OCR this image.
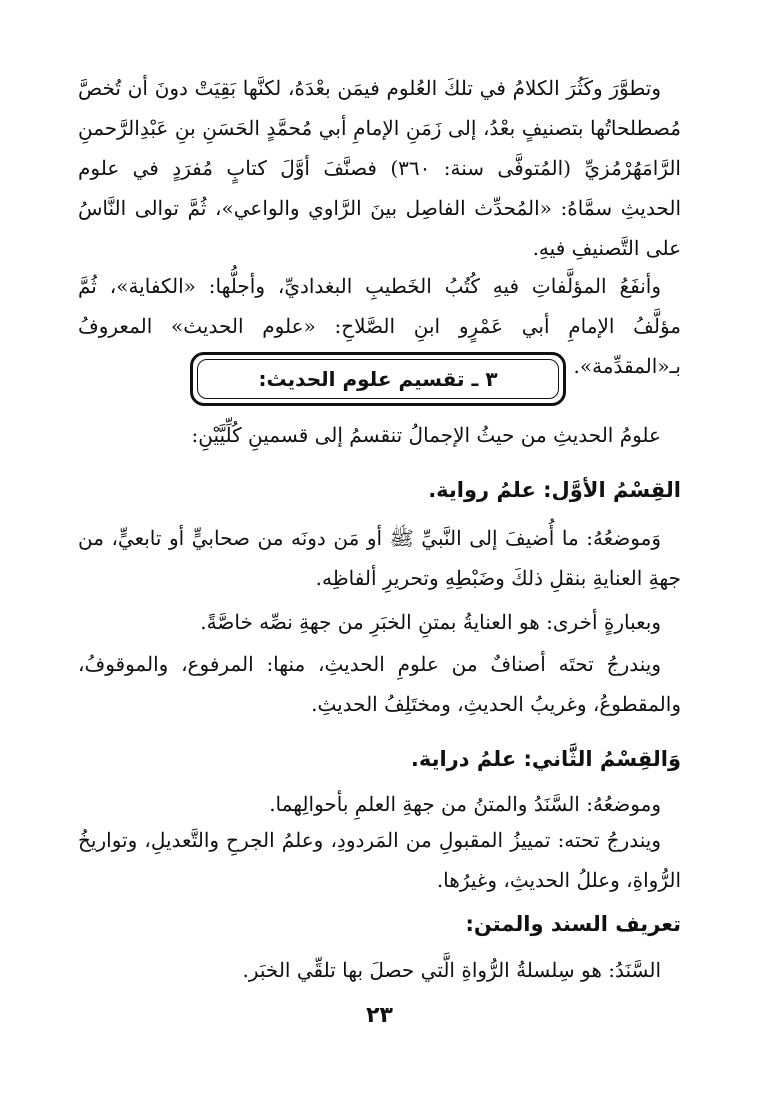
وتطوَّرَ وكَثُرَ الكلامُ في تلكَ العُلوم فيمَن بعْدَهُ، لكنَّها بَقِيَتْ دونَ أن تُخصَّ مُصطلحاتُها بتصنيفٍ بعْدُ، إلى زَمَنِ الإمامِ أبي مُحمَّدٍ الحَسَنِ بنِ عَبْدِالرَّحمنِ الرَّامَهُرْمُزيِّ (المُتوفَّى سنة: ٣٦٠) فصنَّفَ أوَّلَ كتابٍ مُفرَدٍ في علوم الحديثِ سمَّاهُ: «المُحدِّث الفاصِل بينَ الرَّاوي والواعي»، ثُمَّ توالى النَّاسُ على التَّصنيفِ فيهِ.

وأنفَعُ المؤلَّفاتِ فيهِ كُتُبُ الخَطيبِ البغداديِّ، وأجلُّها: «الكفاية»، ثُمَّ مؤلَّفُ الإمامِ أبي عَمْرٍو ابنِ الصَّلاحِ: «علوم الحديث» المعروفُ بـ«المقدِّمة».

٣ ـ تقسيم علوم الحديث:

علومُ الحديثِ من حيثُ الإجمالُ تنقسمُ إلى قسمينِ كُلِّيَّيْنِ:

القِسْمُ الأوَّل: علمُ رواية.

وَموضعُهُ: ما أُضيفَ إلى النَّبيِّ ﷺ أو مَن دونَه من صحابيٍّ أو تابعيٍّ، من جهةِ العنايةِ بنقلِ ذلكَ وضَبْطِهِ وتحريرِ ألفاظِه.

وبعبارةٍ أخرى: هو العنايةُ بمتنِ الخبَرِ من جهةِ نصِّه خاصَّةً.

ويندرجُ تحتَه أصنافٌ من علومِ الحديثِ، منها: المرفوع، والموقوفُ، والمقطوعُ، وغريبُ الحديثِ، ومختَلِفُ الحديثِ.

وَالقِسْمُ الثَّاني: علمُ دراية.

وموضعُهُ: السَّنَدُ والمتنُ من جهةِ العلمِ بأحوالِهما.

ويندرجُ تحته: تمييزُ المقبولِ من المَردودِ، وعلمُ الجرحِ والتَّعديلِ، وتواريخُ الرُّواةِ، وعللُ الحديثِ، وغيرُها.

تعريف السند والمتن:

السَّنَدُ: هو سِلسلةُ الرُّواةِ الَّتي حصلَ بها تلقِّي الخبَر.

٢٣
